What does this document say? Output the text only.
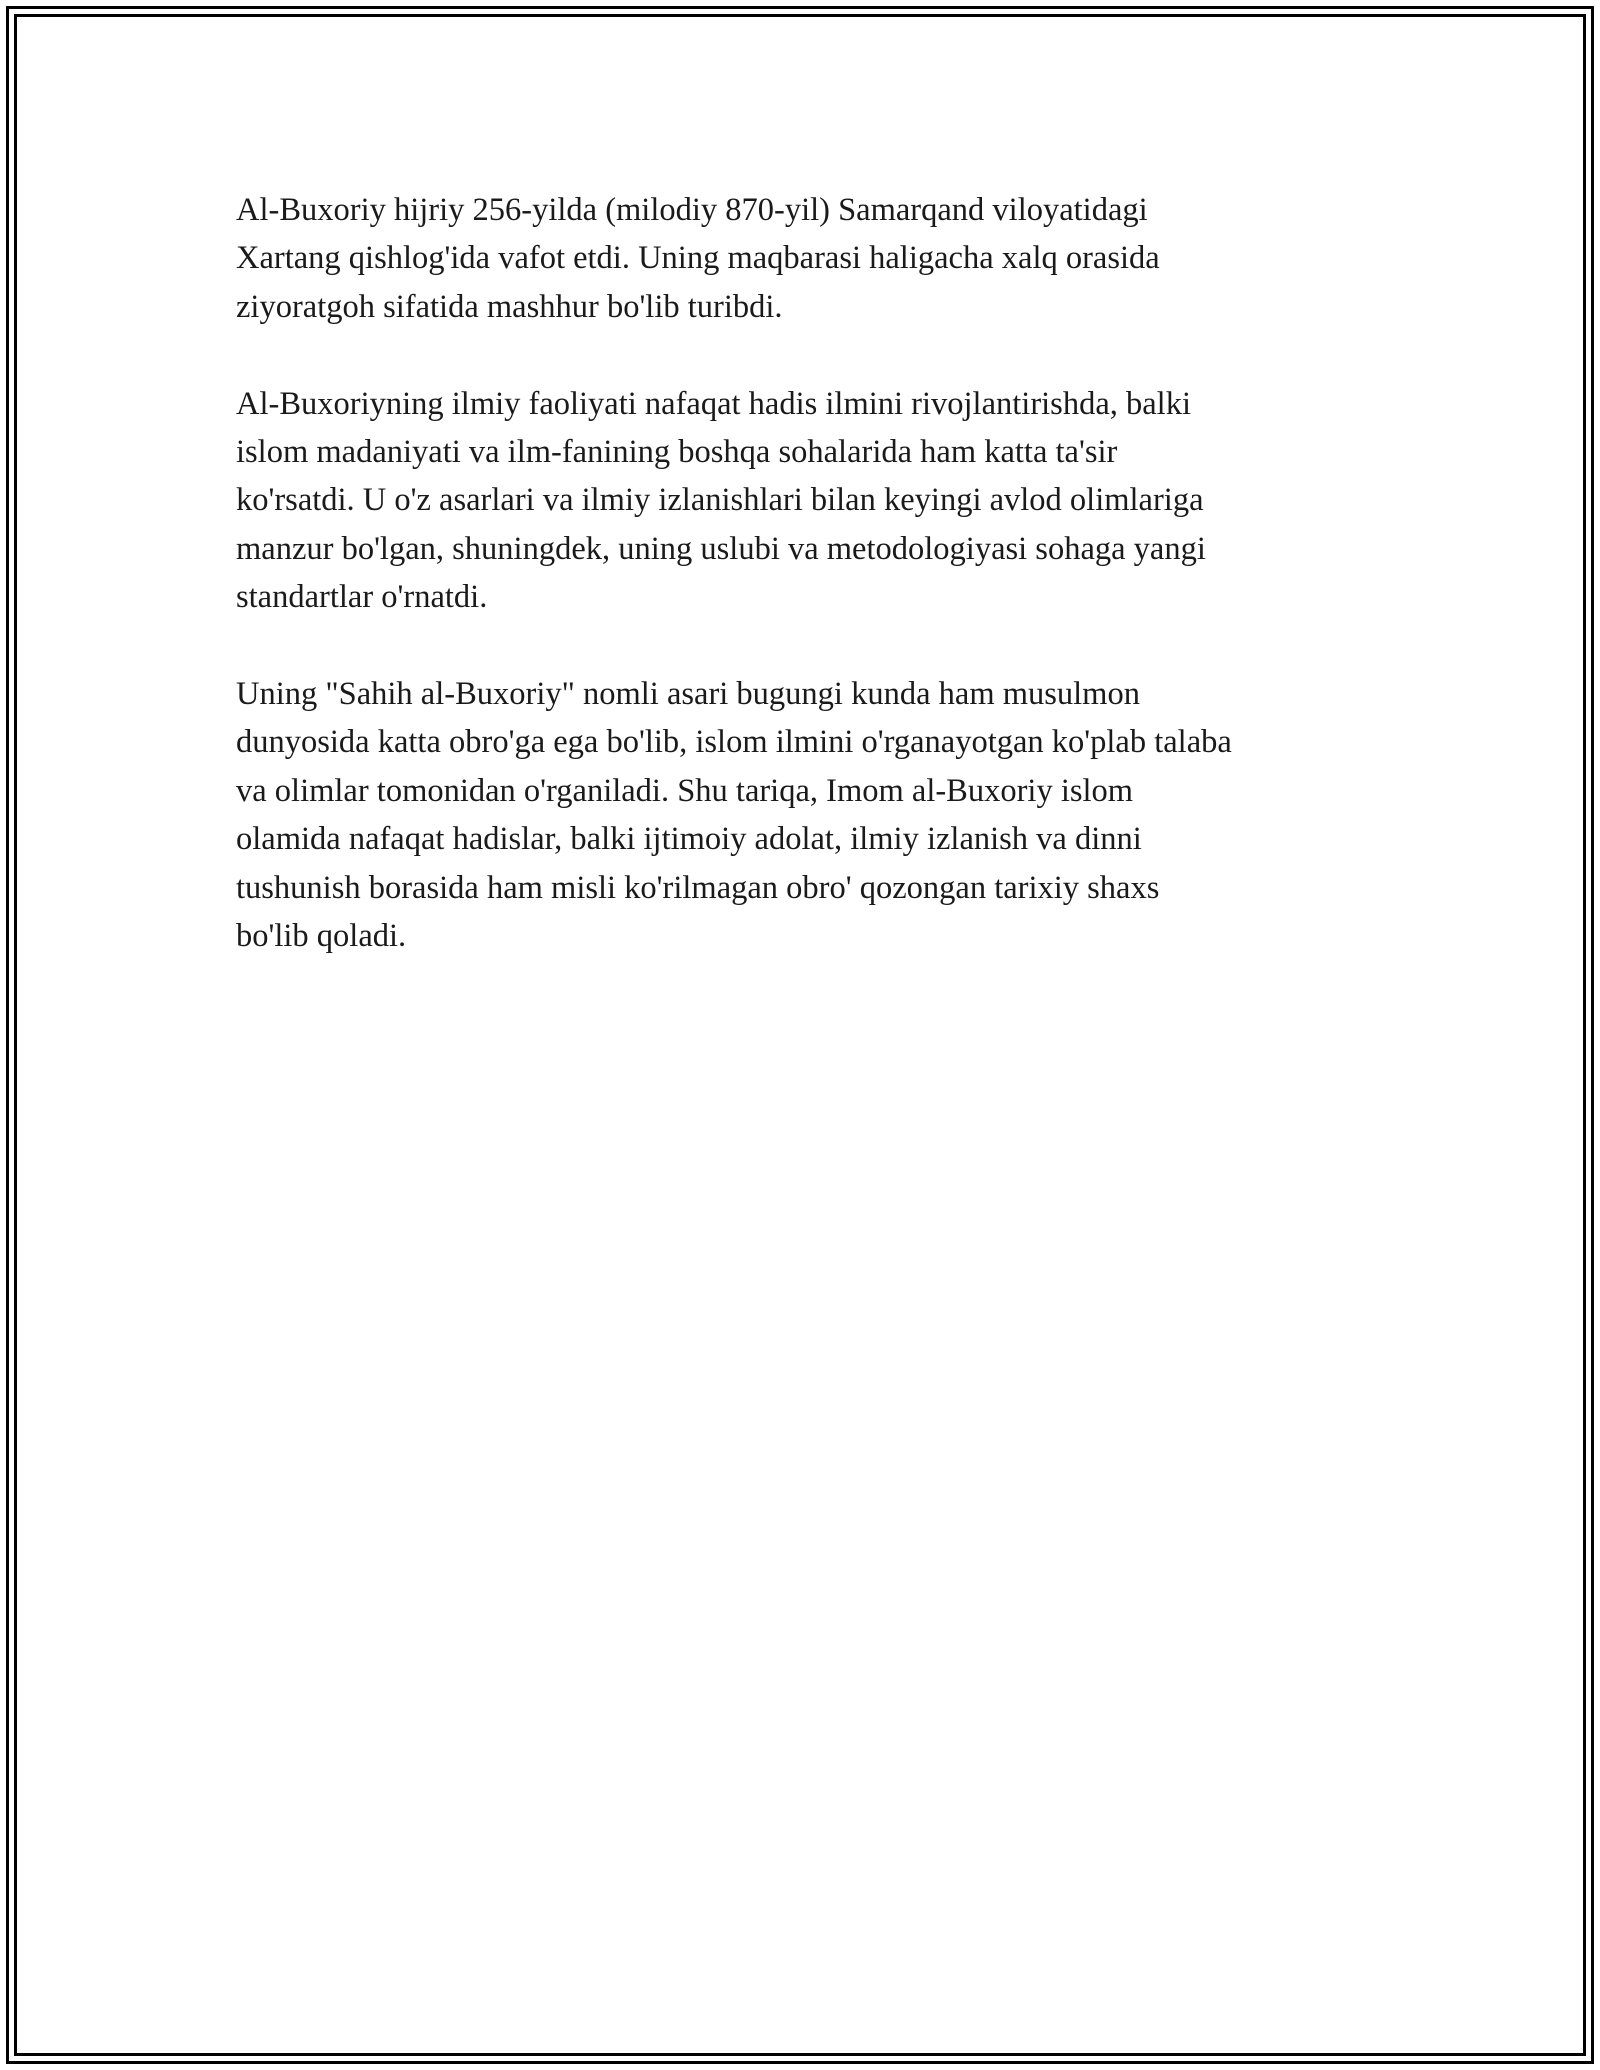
Al-Buxoriy hijriy 256-yilda (milodiy 870-yil) Samarqand viloyatidagi
Xartang qishlog'ida vafot etdi. Uning maqbarasi haligacha xalq orasida
ziyoratgoh sifatida mashhur bo'lib turibdi.

Al-Buxoriyning ilmiy faoliyati nafaqat hadis ilmini rivojlantirishda, balki
islom madaniyati va ilm-fanining boshqa sohalarida ham katta ta'sir
ko'rsatdi. U o'z asarlari va ilmiy izlanishlari bilan keyingi avlod olimlariga
manzur bo'lgan, shuningdek, uning uslubi va metodologiyasi sohaga yangi
standartlar o'rnatdi.

Uning "Sahih al-Buxoriy" nomli asari bugungi kunda ham musulmon
dunyosida katta obro'ga ega bo'lib, islom ilmini o'rganayotgan ko'plab talaba
va olimlar tomonidan o'rganiladi. Shu tariqa, Imom al-Buxoriy islom
olamida nafaqat hadislar, balki ijtimoiy adolat, ilmiy izlanish va dinni
tushunish borasida ham misli ko'rilmagan obro' qozongan tarixiy shaxs
bo'lib qoladi.
